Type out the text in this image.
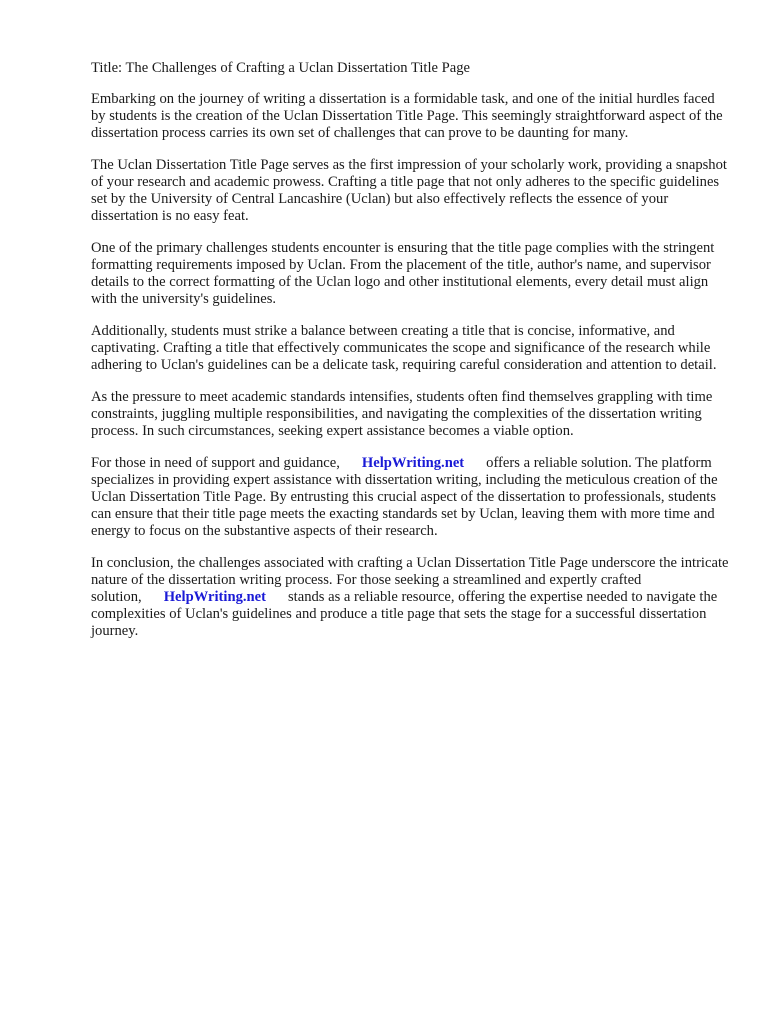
Title: The Challenges of Crafting a Uclan Dissertation Title Page

Embarking on the journey of writing a dissertation is a formidable task, and one of the initial hurdles faced by students is the creation of the Uclan Dissertation Title Page. This seemingly straightforward aspect of the dissertation process carries its own set of challenges that can prove to be daunting for many.

The Uclan Dissertation Title Page serves as the first impression of your scholarly work, providing a snapshot of your research and academic prowess. Crafting a title page that not only adheres to the specific guidelines set by the University of Central Lancashire (Uclan) but also effectively reflects the essence of your dissertation is no easy feat.

One of the primary challenges students encounter is ensuring that the title page complies with the stringent formatting requirements imposed by Uclan. From the placement of the title, author's name, and supervisor details to the correct formatting of the Uclan logo and other institutional elements, every detail must align with the university's guidelines.

Additionally, students must strike a balance between creating a title that is concise, informative, and captivating. Crafting a title that effectively communicates the scope and significance of the research while adhering to Uclan's guidelines can be a delicate task, requiring careful consideration and attention to detail.

As the pressure to meet academic standards intensifies, students often find themselves grappling with time constraints, juggling multiple responsibilities, and navigating the complexities of the dissertation writing process. In such circumstances, seeking expert assistance becomes a viable option.

For those in need of support and guidance, HelpWriting.net offers a reliable solution. The platform specializes in providing expert assistance with dissertation writing, including the meticulous creation of the Uclan Dissertation Title Page. By entrusting this crucial aspect of the dissertation to professionals, students can ensure that their title page meets the exacting standards set by Uclan, leaving them with more time and energy to focus on the substantive aspects of their research.

In conclusion, the challenges associated with crafting a Uclan Dissertation Title Page underscore the intricate nature of the dissertation writing process. For those seeking a streamlined and expertly crafted solution, HelpWriting.net stands as a reliable resource, offering the expertise needed to navigate the complexities of Uclan's guidelines and produce a title page that sets the stage for a successful dissertation journey.
